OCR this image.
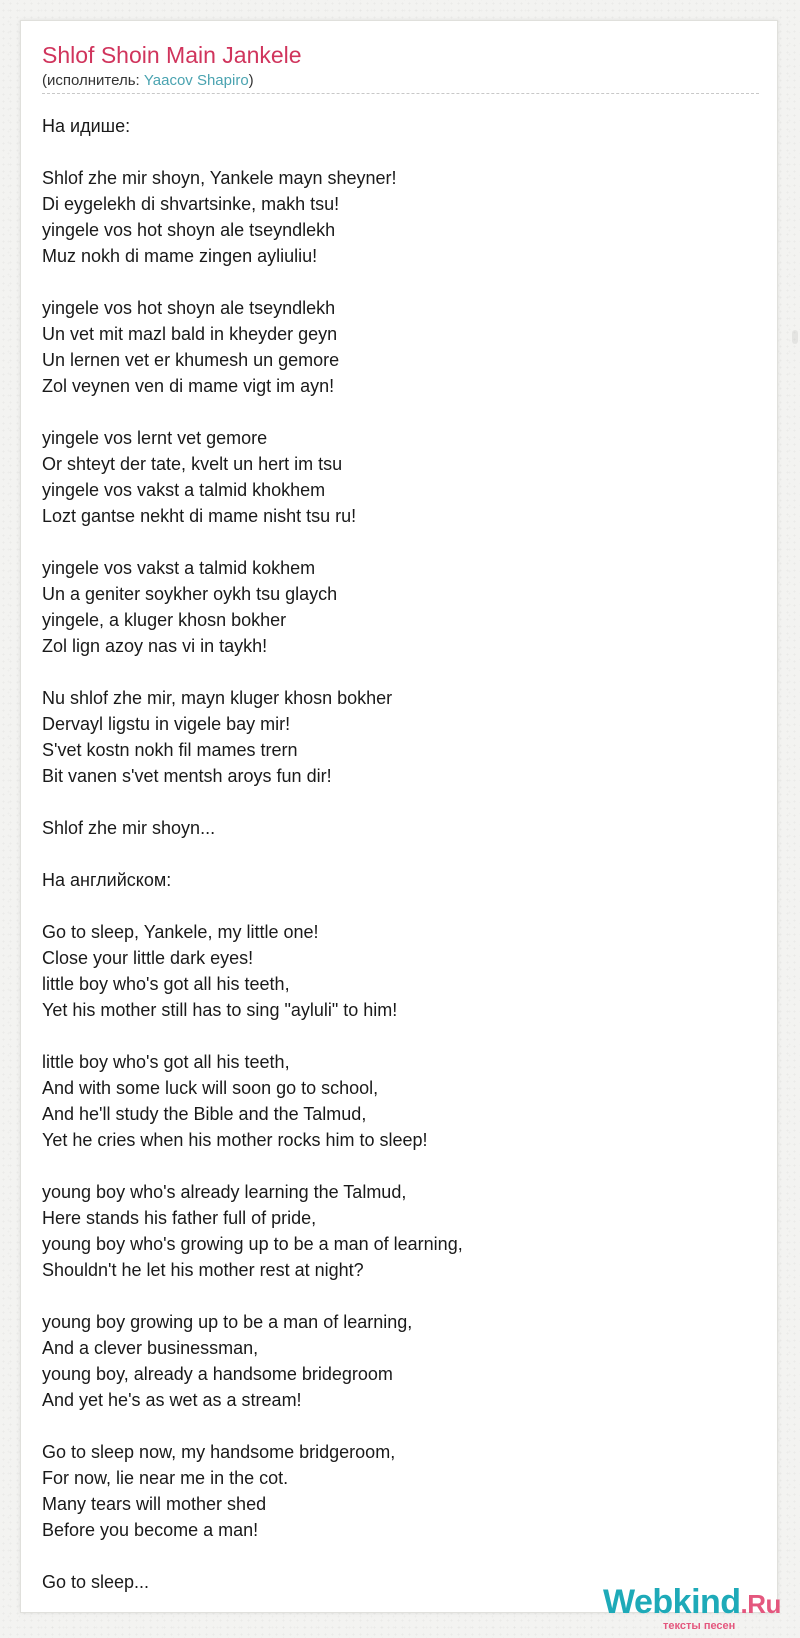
Shlof Shoin Main Jankele
(исполнитель: Yaacov Shapiro)
На идише:
Shlof zhe mir shoyn, Yankele mayn sheyner!
Di eygelekh di shvartsinke, makh tsu!
yingele vos hot shoyn ale tseyndlekh
Muz nokh di mame zingen ayliuliu!
yingele vos hot shoyn ale tseyndlekh
Un vet mit mazl bald in kheyder geyn
Un lernen vet er khumesh un gemore
Zol veynen ven di mame vigt im ayn!
yingele vos lernt vet gemore
Or shteyt der tate, kvelt un hert im tsu
yingele vos vakst a talmid khokhem
Lozt gantse nekht di mame nisht tsu ru!
yingele vos vakst a talmid kokhem
Un a geniter soykher oykh tsu glaych
yingele, a kluger khosn bokher
Zol lign azoy nas vi in taykh!
Nu shlof zhe mir, mayn kluger khosn bokher
Dervayl ligstu in vigele bay mir!
S'vet kostn nokh fil mames trern
Bit vanen s'vet mentsh aroys fun dir!
Shlof zhe mir shoyn...
На английском:
Go to sleep, Yankele, my little one!
Close your little dark eyes!
little boy who's got all his teeth,
Yet his mother still has to sing "ayluli" to him!
little boy who's got all his teeth,
And with some luck will soon go to school,
And he'll study the Bible and the Talmud,
Yet he cries when his mother rocks him to sleep!
young boy who's already learning the Talmud,
Here stands his father full of pride,
young boy who's growing up to be a man of learning,
Shouldn't he let his mother rest at night?
young boy growing up to be a man of learning,
And a clever businessman,
young boy, already a handsome bridegroom
And yet he's as wet as a stream!
Go to sleep now, my handsome bridgeroom,
For now, lie near me in the cot.
Many tears will mother shed
Before you become a man!
Go to sleep...
Webkind.Ru
тексты песен
